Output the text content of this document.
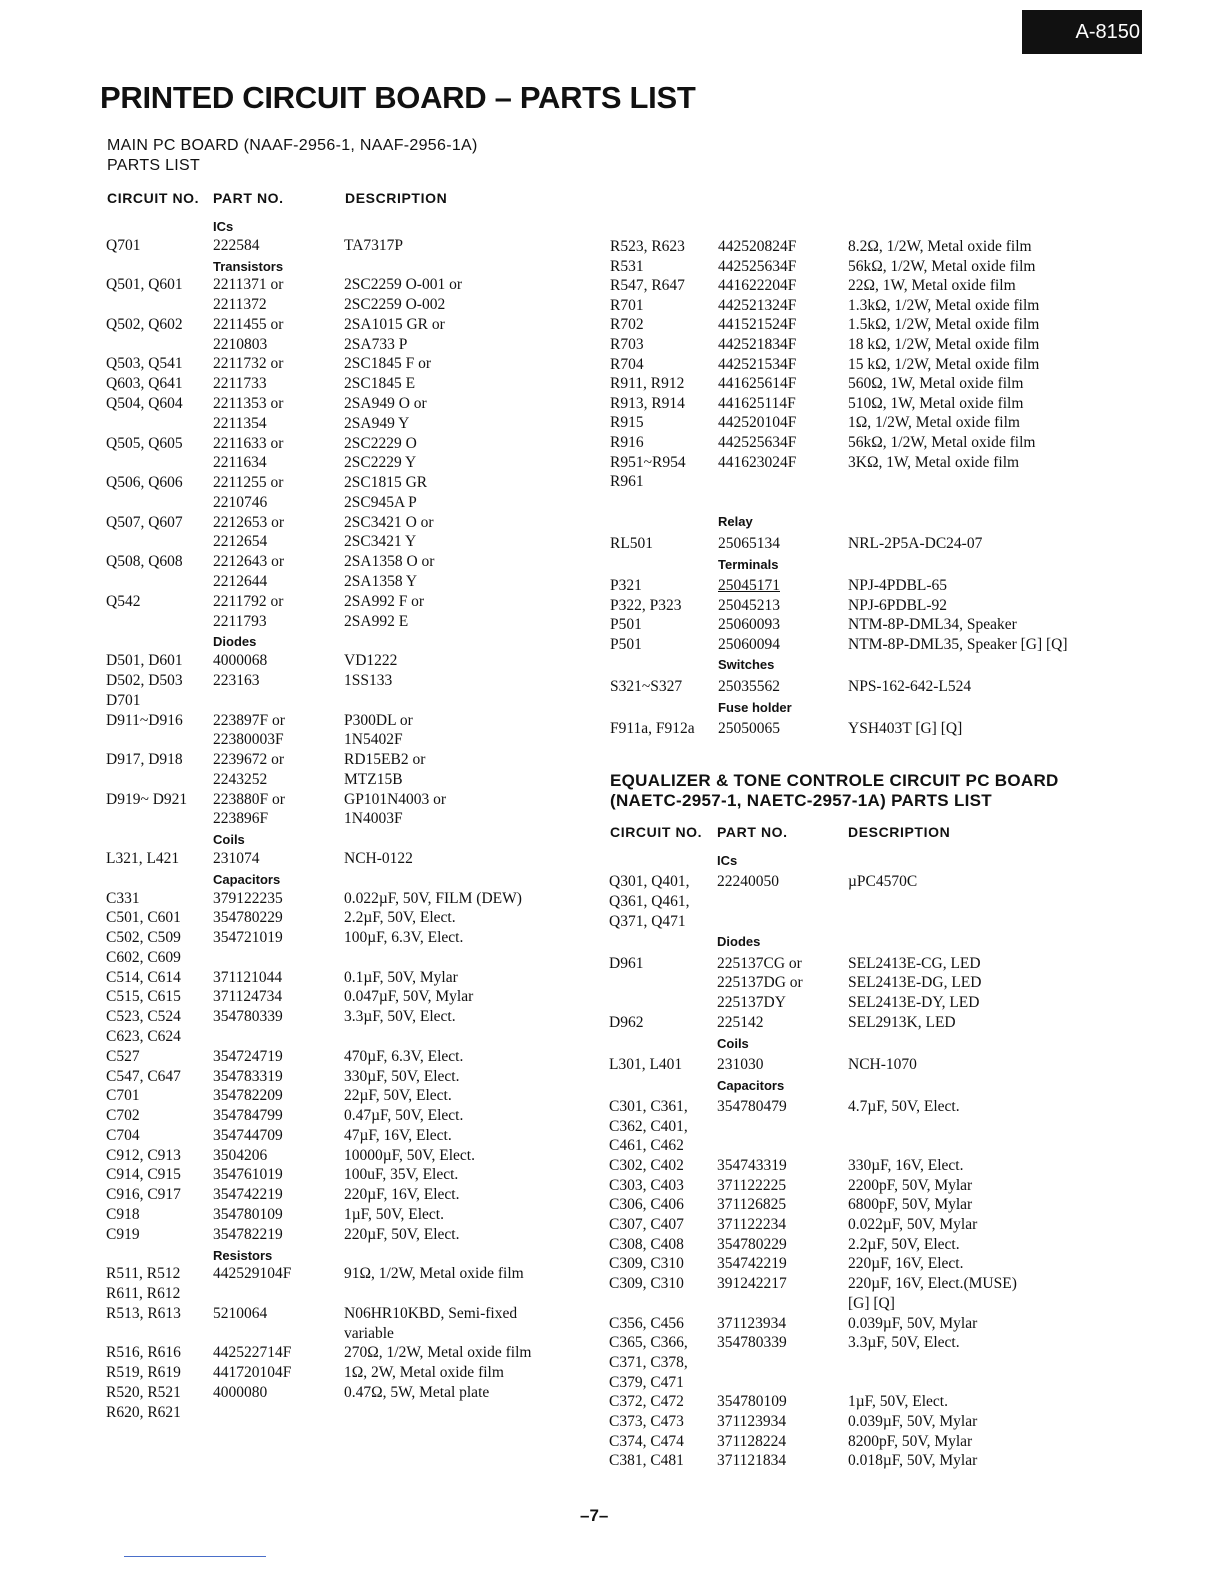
A-8150
PRINTED CIRCUIT BOARD – PARTS LIST
MAIN PC BOARD (NAAF-2956-1, NAAF-2956-1A)
PARTS LIST
CIRCUIT NO. PART NO.	DESCRIPTION
ICs
Q701	222584	TA7317P
Transistors
Q501, Q601 2211371 or	2SC2259 O-001 or
2211372	2SC2259 O-002
Q502, Q602 2211455 or	2SA1015 GR or
2210803	2SA733 P
Q503, Q541 2211732 or	2SC1845 F or
Q603, Q641 2211733	2SC1845 E
Q504, Q604 2211353 or	2SA949 O or
2211354	2SA949 Y
Q505, Q605 2211633 or	2SC2229 O
2211634	2SC2229 Y
Q506, Q606 2211255 or	2SC1815 GR
2210746	2SC945A P
Q507, Q607 2212653 or	2SC3421 O or
2212654	2SC3421 Y
Q508, Q608 2212643 or	2SA1358 O or
2212644	2SA1358 Y
Q542	2211792 or	2SA992 F or
2211793	2SA992 E
Diodes
D501, D601 4000068	VD1222
D502, D503 223163	1SS133
D701
D911~D916 223897F or	P300DL or
22380003F	1N5402F
D917, D918 2239672 or	RD15EB2 or
2243252	MTZ15B
D919~ D921 223880F or	GP101N4003 or
223896F	1N4003F
Coils
L321, L421 231074	NCH-0122
Capacitors
C331	379122235	0.022µF, 50V, FILM (DEW)
C501, C601 354780229	2.2µF, 50V, Elect.
C502, C509 354721019	100µF, 6.3V, Elect.
C602, C609
C514, C614 371121044	0.1µF, 50V, Mylar
C515, C615 371124734	0.047µF, 50V, Mylar
C523, C524 354780339	3.3µF, 50V, Elect.
C623, C624
C527	354724719	470µF, 6.3V, Elect.
C547, C647 354783319	330µF, 50V, Elect.
C701	354782209	22µF, 50V, Elect.
C702	354784799	0.47µF, 50V, Elect.
C704	354744709	47µF, 16V, Elect.
C912, C913 3504206	10000µF, 50V, Elect.
C914, C915 354761019	100uF, 35V, Elect.
C916, C917 354742219	220µF, 16V, Elect.
C918	354780109	1µF, 50V, Elect.
C919	354782219	220µF, 50V, Elect.
Resistors
R511, R512 442529104F	91Ω, 1/2W, Metal oxide film
R611, R612
R513, R613 5210064	N06HR10KBD, Semi-fixed
variable
R516, R616 442522714F	270Ω, 1/2W, Metal oxide film
R519, R619 441720104F	1Ω, 2W, Metal oxide film
R520, R521 4000080	0.47Ω, 5W, Metal plate
R620, R621
R523, R623 442520824F	8.2Ω, 1/2W, Metal oxide film
R531	442525634F	56kΩ, 1/2W, Metal oxide film
R547, R647 441622204F	22Ω, 1W, Metal oxide film
R701	442521324F	1.3kΩ, 1/2W, Metal oxide film
R702	441521524F	1.5kΩ, 1/2W, Metal oxide film
R703	442521834F	18 kΩ, 1/2W, Metal oxide film
R704	442521534F	15 kΩ, 1/2W, Metal oxide film
R911, R912 441625614F	560Ω, 1W, Metal oxide film
R913, R914 441625114F	510Ω, 1W, Metal oxide film
R915	442520104F	1Ω, 1/2W, Metal oxide film
R916	442525634F	56kΩ, 1/2W, Metal oxide film
R951~R954 441623024F	3KΩ, 1W, Metal oxide film
R961
Relay
RL501	25065134	NRL-2P5A-DC24-07
Terminals
P321	25045171	NPJ-4PDBL-65
P322, P323 25045213	NPJ-6PDBL-92
P501	25060093	NTM-8P-DML34, Speaker
P501	25060094	NTM-8P-DML35, Speaker [G] [Q]
Switches
S321~S327 25035562	NPS-162-642-L524
Fuse holder
F911a, F912a 25050065	YSH403T [G] [Q]
EQUALIZER & TONE CONTROLE CIRCUIT PC BOARD
(NAETC-2957-1, NAETC-2957-1A) PARTS LIST
CIRCUIT NO. PART NO.	DESCRIPTION
ICs
Q301, Q401, 22240050	µPC4570C
Q361, Q461,
Q371, Q471
Diodes
D961	225137CG or	SEL2413E-CG, LED
225137DG or	SEL2413E-DG, LED
225137DY	SEL2413E-DY, LED
D962	225142	SEL2913K, LED
Coils
L301, L401 231030	NCH-1070
Capacitors
C301, C361, 354780479	4.7µF, 50V, Elect.
C362, C401,
C461, C462
C302, C402 354743319	330µF, 16V, Elect.
C303, C403 371122225	2200pF, 50V, Mylar
C306, C406 371126825	6800pF, 50V, Mylar
C307, C407 371122234	0.022µF, 50V, Mylar
C308, C408 354780229	2.2µF, 50V, Elect.
C309, C310 354742219	220µF, 16V, Elect.
C309, C310 391242217	220µF, 16V, Elect.(MUSE)
[G] [Q]
C356, C456 371123934	0.039µF, 50V, Mylar
C365, C366, 354780339	3.3µF, 50V, Elect.
C371, C378,
C379, C471
C372, C472 354780109	1µF, 50V, Elect.
C373, C473 371123934	0.039µF, 50V, Mylar
C374, C474 371128224	8200pF, 50V, Mylar
C381, C481 371121834	0.018µF, 50V, Mylar
–7–
